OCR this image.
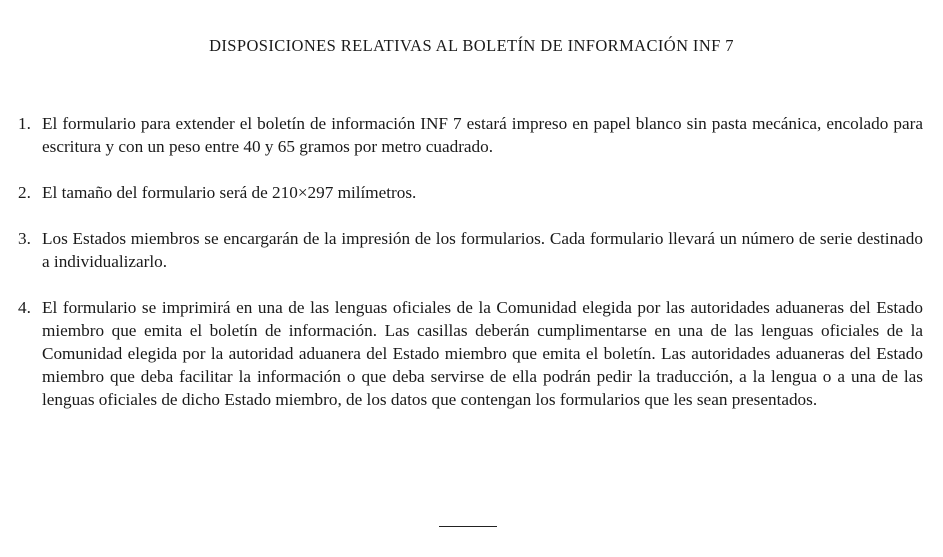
DISPOSICIONES RELATIVAS AL BOLETÍN DE INFORMACIÓN INF 7
1. El formulario para extender el boletín de información INF 7 estará impreso en papel blanco sin pasta mecánica, encolado para escritura y con un peso entre 40 y 65 gramos por metro cuadrado.
2. El tamaño del formulario será de 210×297 milímetros.
3. Los Estados miembros se encargarán de la impresión de los formularios. Cada formulario llevará un número de serie destinado a individualizarlo.
4. El formulario se imprimirá en una de las lenguas oficiales de la Comunidad elegida por las autoridades aduaneras del Estado miembro que emita el boletín de información. Las casillas deberán cumplimentarse en una de las lenguas oficiales de la Comunidad elegida por la autoridad aduanera del Estado miembro que emita el boletín. Las autoridades aduaneras del Estado miembro que deba facilitar la información o que deba servirse de ella podrán pedir la traducción, a la lengua o a una de las lenguas oficiales de dicho Estado miembro, de los datos que contengan los formularios que les sean presentados.
